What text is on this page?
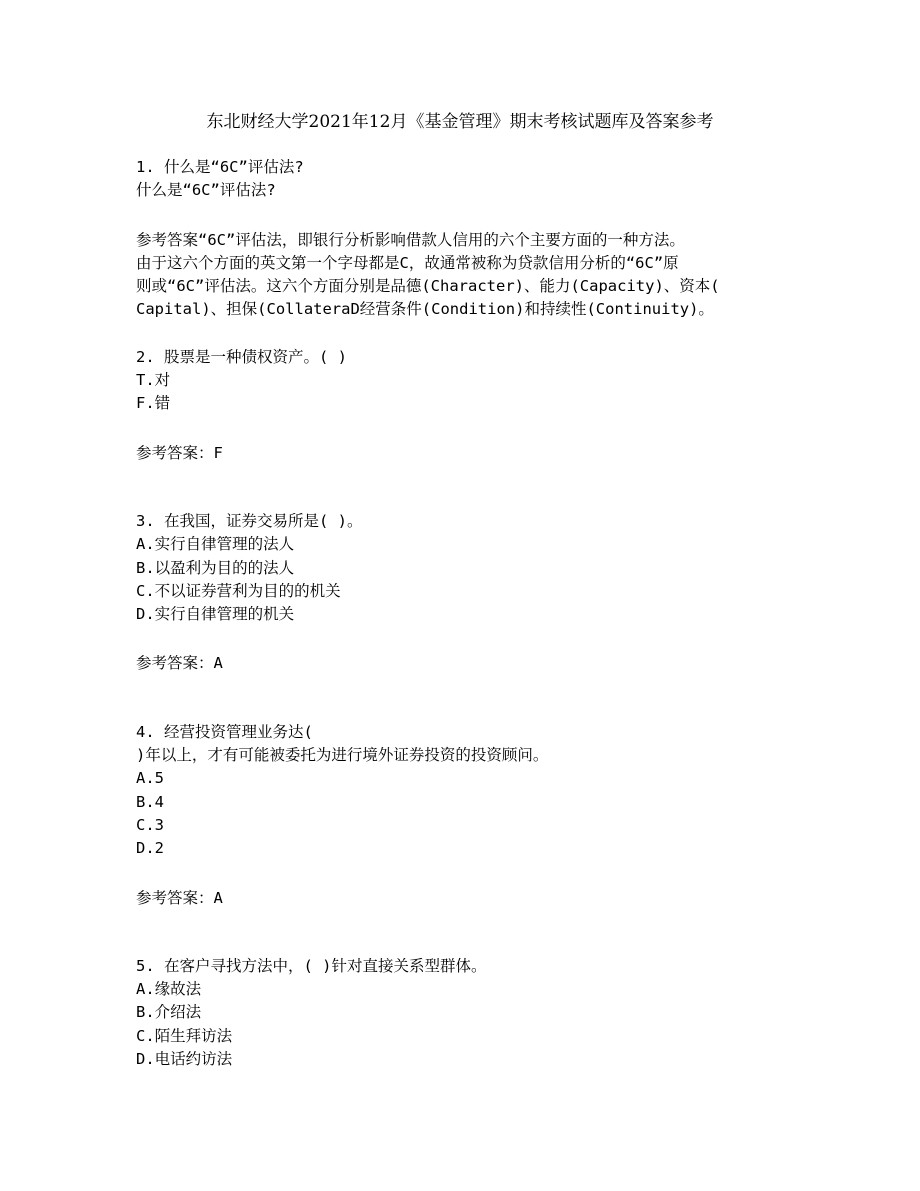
东北财经大学2021年12月《基金管理》期末考核试题库及答案参考
1. 什么是“6C”评估法?
什么是“6C”评估法?
参考答案“6C”评估法，即银行分析影响借款人信用的六个主要方面的一种方法。
由于这六个方面的英文第一个字母都是C，故通常被称为贷款信用分析的“6C”原
则或“6C”评估法。这六个方面分别是品德(Character)、能力(Capacity)、资本(
Capital)、担保(CollateraD经营条件(Condition)和持续性(Continuity)。
2. 股票是一种债权资产。( )
T.对
F.错
参考答案：F
3. 在我国，证券交易所是( )。
A.实行自律管理的法人
B.以盈利为目的的法人
C.不以证券营利为目的的机关
D.实行自律管理的机关
参考答案：A
4. 经营投资管理业务达(
)年以上，才有可能被委托为进行境外证券投资的投资顾问。
A.5
B.4
C.3
D.2
参考答案：A
5. 在客户寻找方法中，( )针对直接关系型群体。
A.缘故法
B.介绍法
C.陌生拜访法
D.电话约访法
